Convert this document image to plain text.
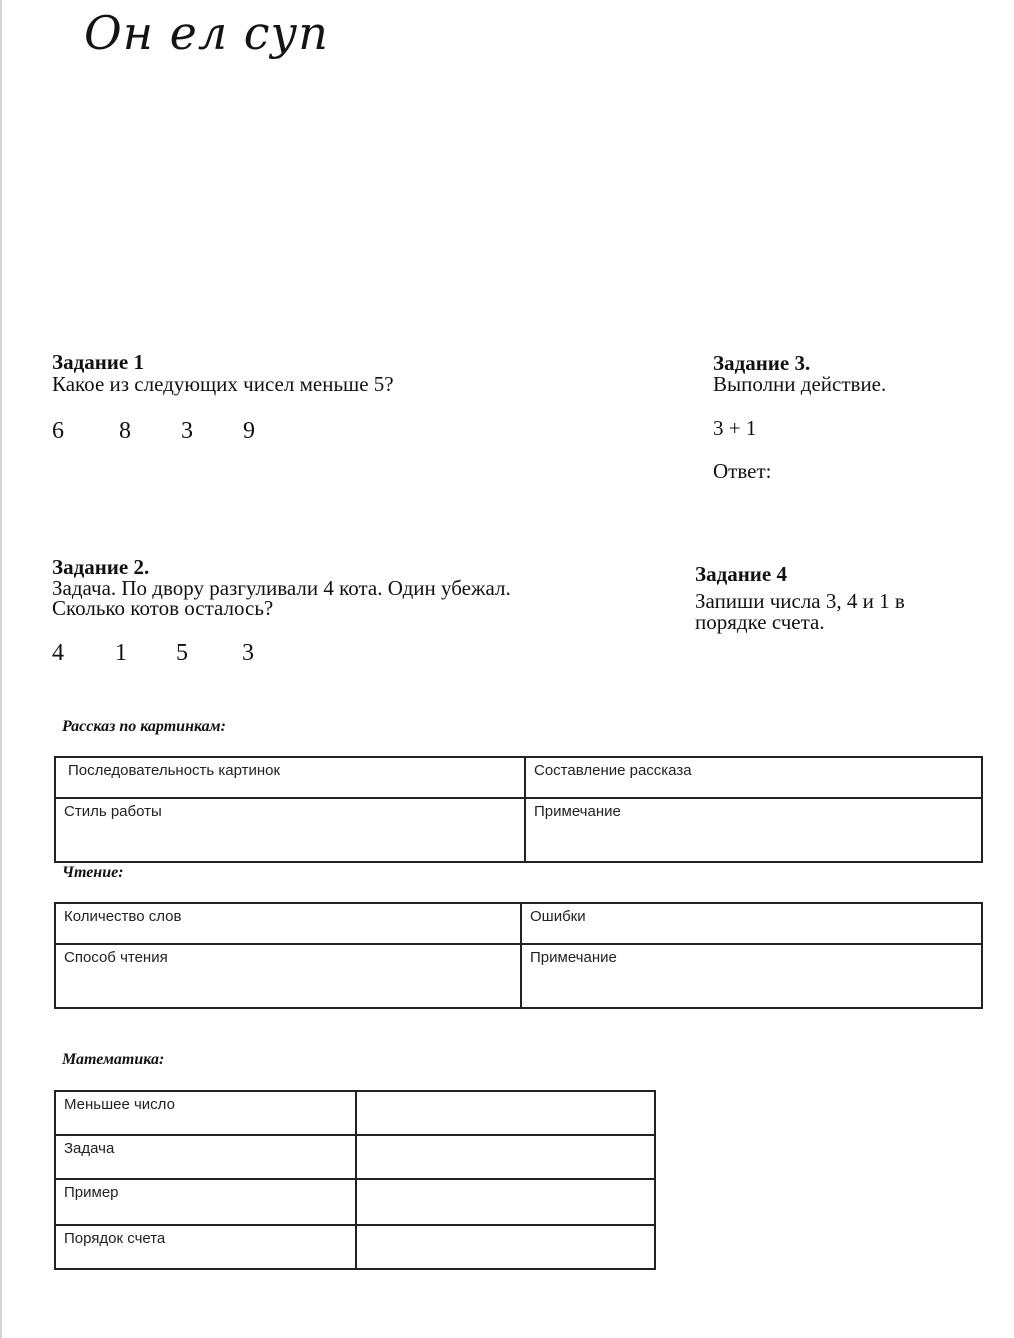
Он ел суп
Задание 1
Какое из следующих чисел меньше 5?
6 8 3 9
Задание 3.
Выполни действие.
3 + 1
Ответ:
Задание 2.
Задача. По двору разгуливали 4 кота. Один убежал.
Сколько котов осталось?
4 1 5 3
Задание 4
Запиши числа 3, 4 и 1 в
порядке счета.
Рассказ по картинкам:
Последовательность картинок	Составление рассказа
Стиль работы	Примечание
Чтение:
Количество слов	Ошибки
Способ чтения	Примечание
Математика:
Меньшее число	
Задача	
Пример	
Порядок счета	
